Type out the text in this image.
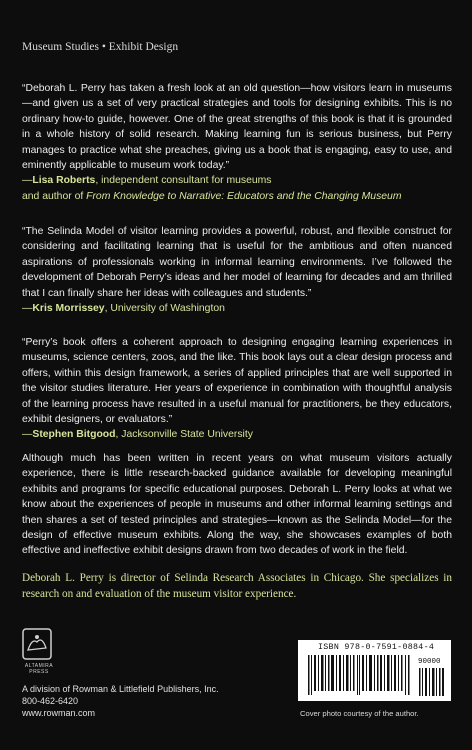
Museum Studies • Exhibit Design

“Deborah L. Perry has taken a fresh look at an old question—how visitors learn in museums—and given us a set of very practical strategies and tools for designing exhibits. This is no ordinary how-to guide, however. One of the great strengths of this book is that it is grounded in a whole history of solid research. Making learning fun is serious business, but Perry manages to practice what she preaches, giving us a book that is engaging, easy to use, and eminently applicable to museum work today.”

—Lisa Roberts, independent consultant for museums

and author of From Knowledge to Narrative: Educators and the Changing Museum

“The Selinda Model of visitor learning provides a powerful, robust, and flexible construct for considering and facilitating learning that is useful for the ambitious and often nuanced aspirations of professionals working in informal learning environments. I’ve followed the development of Deborah Perry’s ideas and her model of learning for decades and am thrilled that I can finally share her ideas with colleagues and students.”

—Kris Morrissey, University of Washington

“Perry’s book offers a coherent approach to designing engaging learning experiences in museums, science centers, zoos, and the like. This book lays out a clear design process and offers, within this design framework, a series of applied principles that are well supported in the visitor studies literature. Her years of experience in combination with thoughtful analysis of the learning process have resulted in a useful manual for practitioners, be they educators, exhibit designers, or evaluators.”

—Stephen Bitgood, Jacksonville State University

Although much has been written in recent years on what museum visitors actually experience, there is little research-backed guidance available for developing meaningful exhibits and programs for specific educational purposes. Deborah L. Perry looks at what we know about the experiences of people in museums and other informal learning settings and then shares a set of tested principles and strategies—known as the Selinda Model—for the design of effective museum exhibits. Along the way, she showcases examples of both effective and ineffective exhibit designs drawn from two decades of work in the field.

Deborah L. Perry is director of Selinda Research Associates in Chicago. She specializes in research on and evaluation of the museum visitor experience.

ALTAMIRA PRESS
A division of Rowman & Littlefield Publishers, Inc.
800-462-6420
www.rowman.com
ISBN 978-0-7591-0884-4
90000
Cover photo courtesy of the author.
